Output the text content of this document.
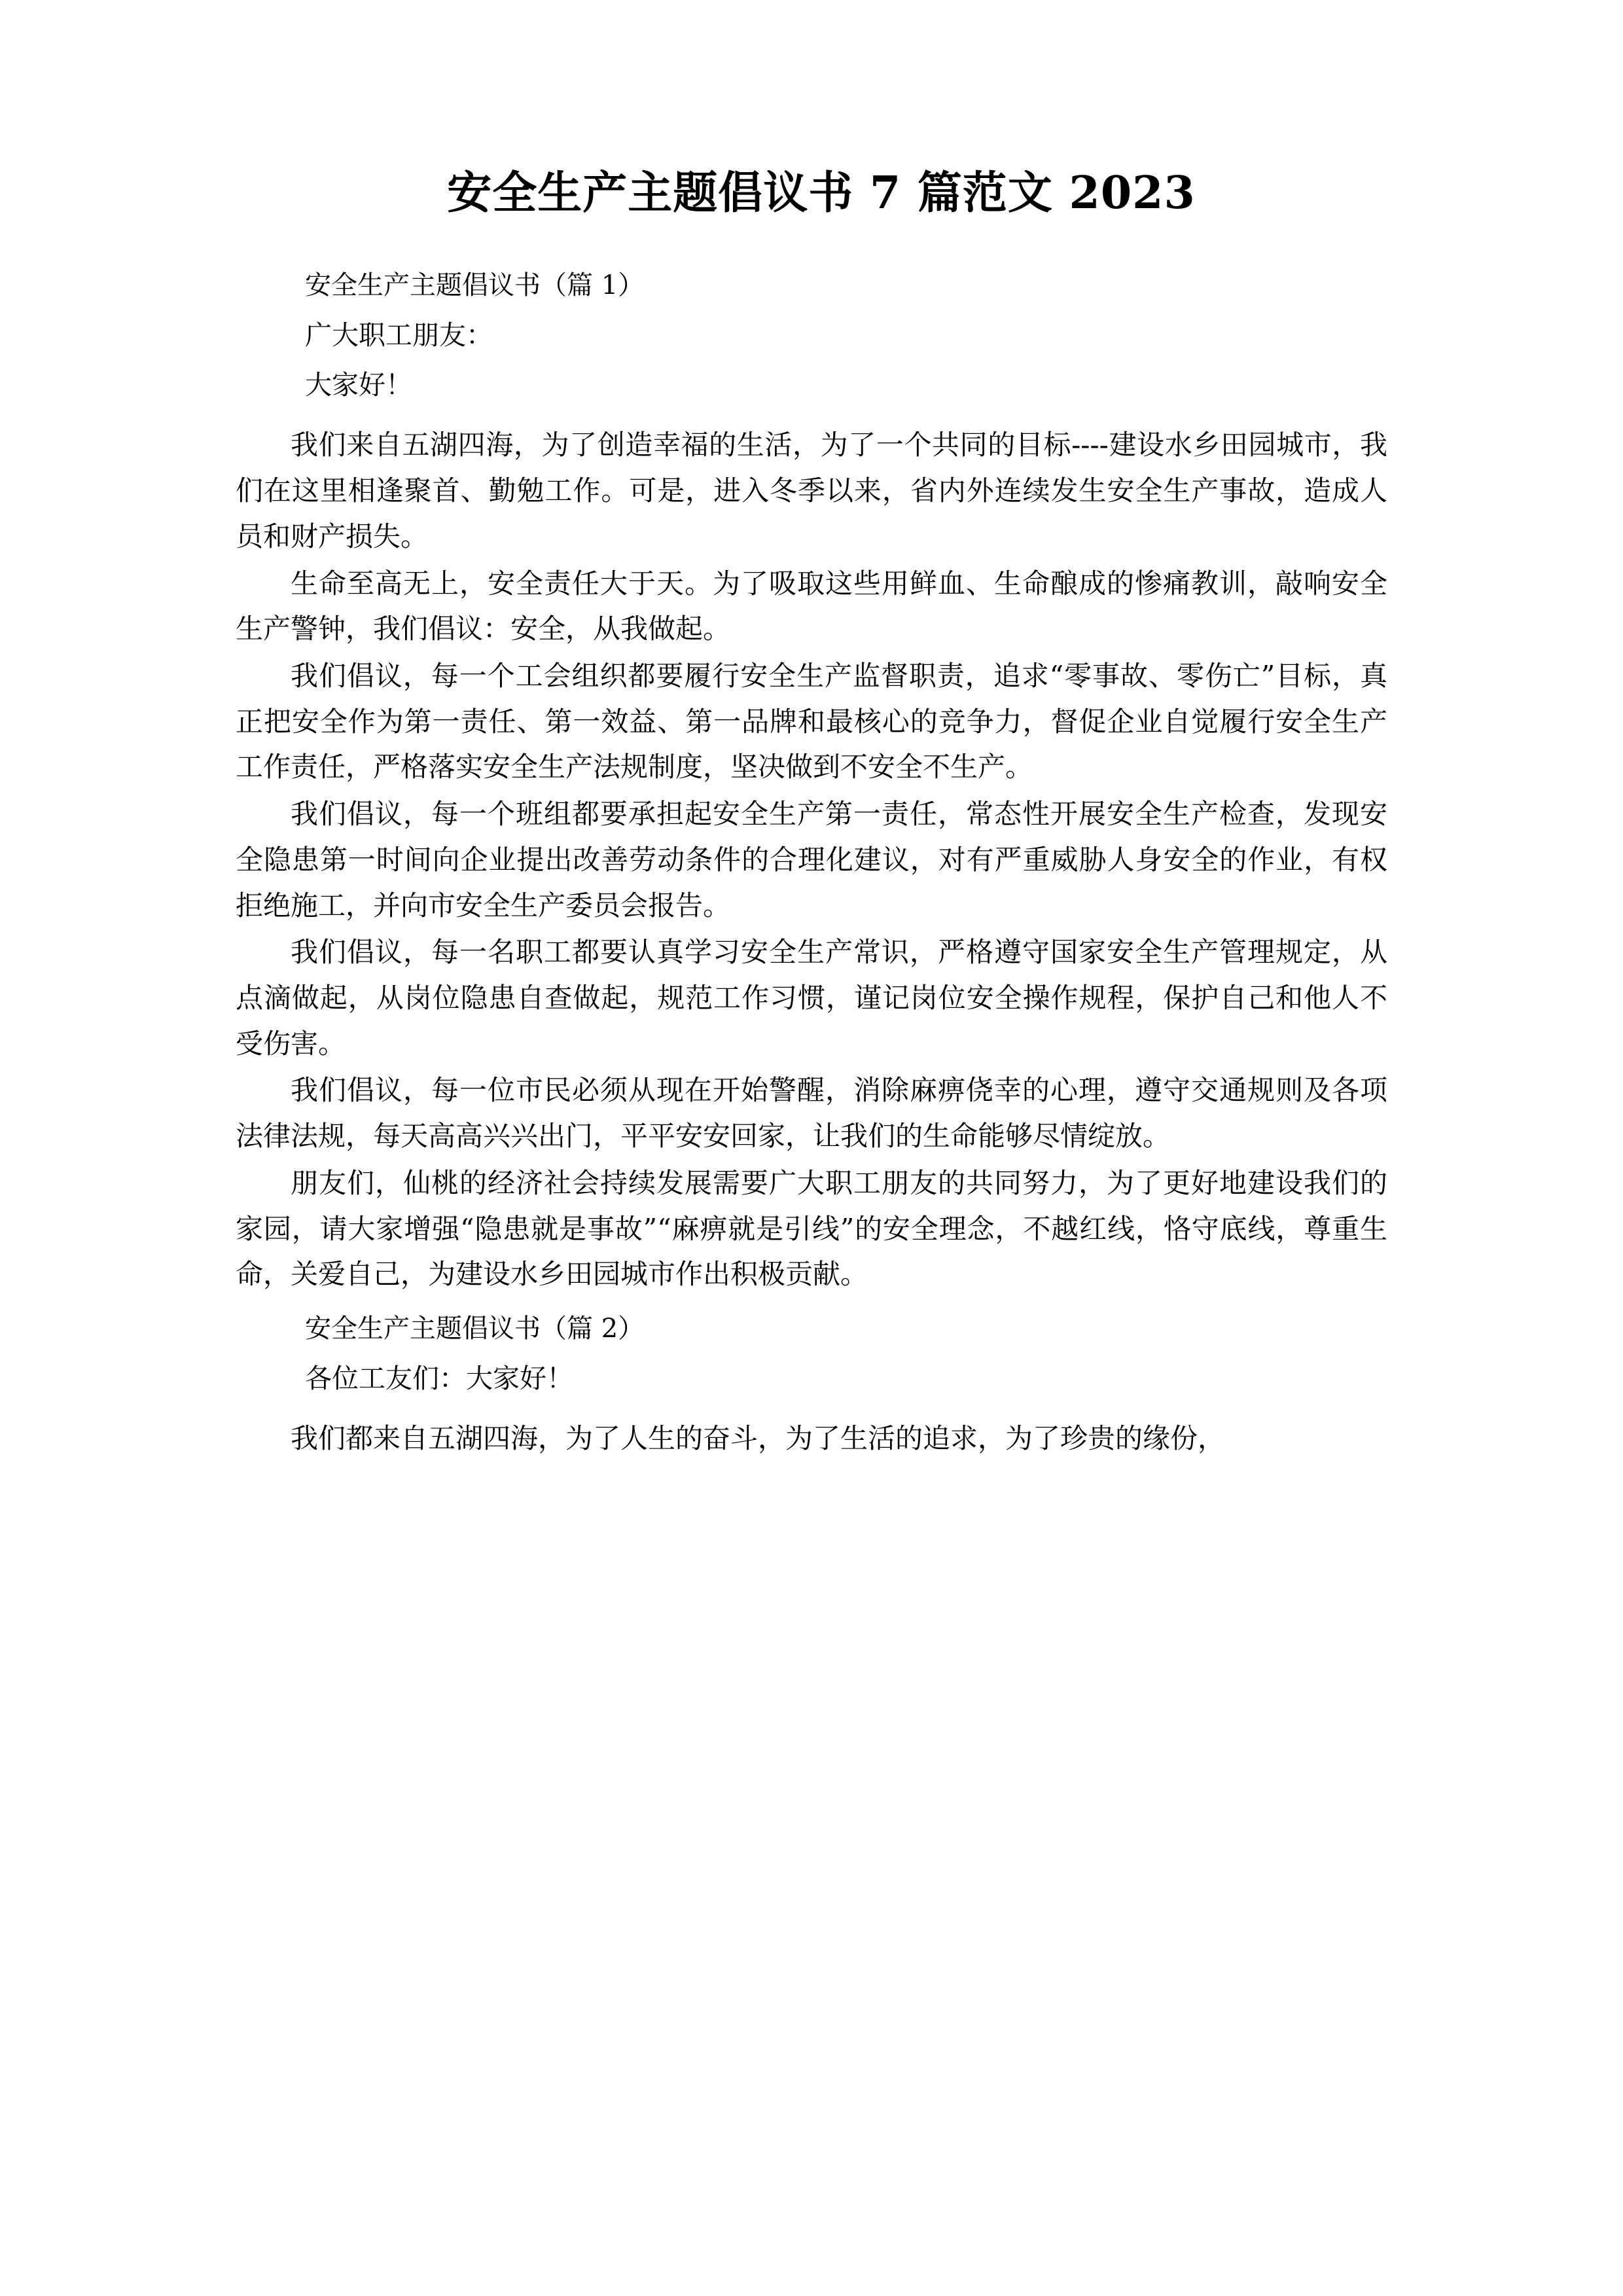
安全生产主题倡议书 7 篇范文 2023
安全生产主题倡议书（篇 1）
广大职工朋友：
大家好！

我们来自五湖四海，为了创造幸福的生活，为了一个共同的目标----建设水乡田园城市，我们在这里相逢聚首、勤勉工作。可是，进入冬季以来，省内外连续发生安全生产事故，造成人员和财产损失。

生命至高无上，安全责任大于天。为了吸取这些用鲜血、生命酿成的惨痛教训，敲响安全生产警钟，我们倡议：安全，从我做起。

我们倡议，每一个工会组织都要履行安全生产监督职责，追求“零事故、零伤亡”目标，真正把安全作为第一责任、第一效益、第一品牌和最核心的竞争力，督促企业自觉履行安全生产工作责任，严格落实安全生产法规制度，坚决做到不安全不生产。

我们倡议，每一个班组都要承担起安全生产第一责任，常态性开展安全生产检查，发现安全隐患第一时间向企业提出改善劳动条件的合理化建议，对有严重威胁人身安全的作业，有权拒绝施工，并向市安全生产委员会报告。

我们倡议，每一名职工都要认真学习安全生产常识，严格遵守国家安全生产管理规定，从点滴做起，从岗位隐患自查做起，规范工作习惯，谨记岗位安全操作规程，保护自己和他人不受伤害。

我们倡议，每一位市民必须从现在开始警醒，消除麻痹侥幸的心理，遵守交通规则及各项法律法规，每天高高兴兴出门，平平安安回家，让我们的生命能够尽情绽放。

朋友们，仙桃的经济社会持续发展需要广大职工朋友的共同努力，为了更好地建设我们的家园，请大家增强“隐患就是事故”“麻痹就是引线”的安全理念，不越红线，恪守底线，尊重生命，关爱自己，为建设水乡田园城市作出积极贡献。

安全生产主题倡议书（篇 2）
各位工友们：大家好！

我们都来自五湖四海，为了人生的奋斗，为了生活的追求，为了珍贵的缘份，
